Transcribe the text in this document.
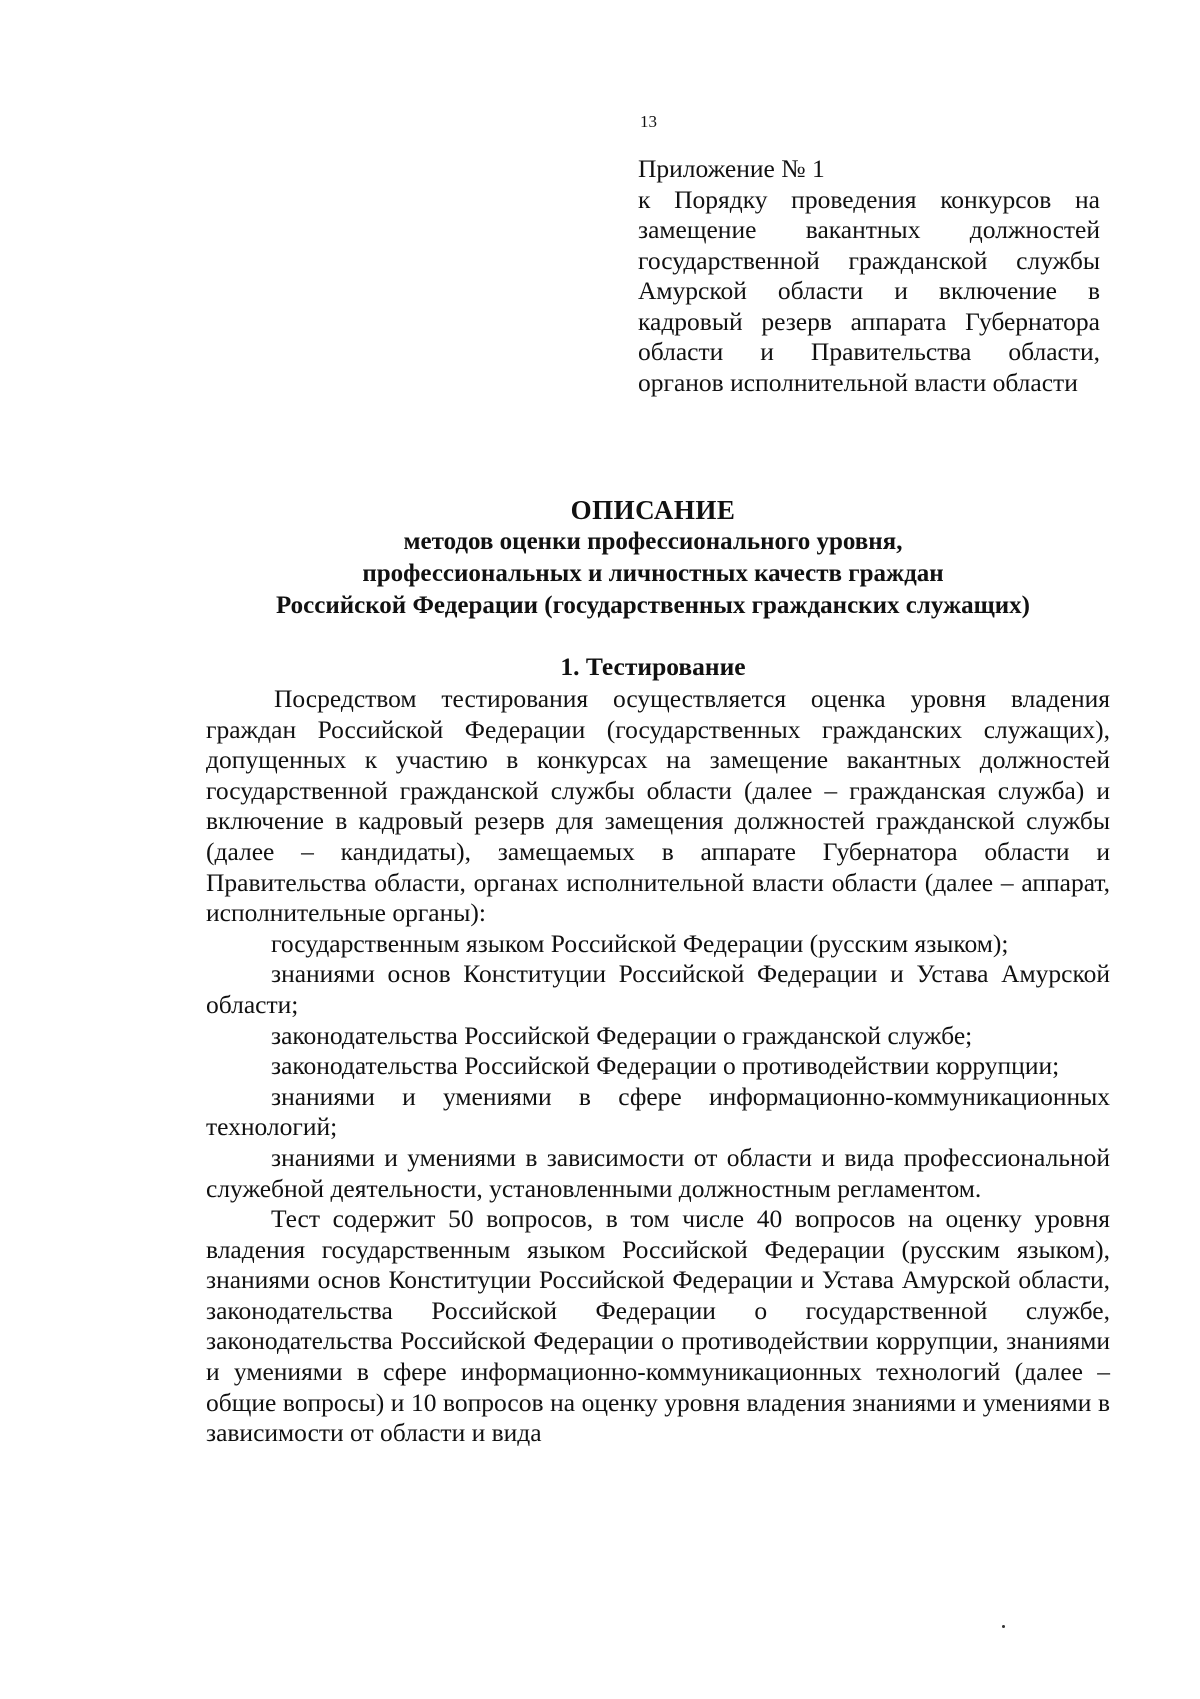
13
Приложение № 1
к Порядку проведения конкурсов на замещение вакантных должностей государственной гражданской службы Амурской области и включение в кадровый резерв аппарата Губернатора области и Правительства области, органов исполнительной власти области
ОПИСАНИЕ
методов оценки профессионального уровня,
профессиональных и личностных качеств граждан
Российской Федерации (государственных гражданских служащих)
1. Тестирование

Посредством тестирования осуществляется оценка уровня владения граждан Российской Федерации (государственных гражданских служащих), допущенных к участию в конкурсах на замещение вакантных должностей государственной гражданской службы области (далее – гражданская служба) и включение в кадровый резерв для замещения должностей гражданской службы (далее – кандидаты), замещаемых в аппарате Губернатора области и Правительства области, органах исполнительной власти области (далее – аппарат, исполнительные органы):

государственным языком Российской Федерации (русским языком);

знаниями основ Конституции Российской Федерации и Устава Амурской области;

законодательства Российской Федерации о гражданской службе;

законодательства Российской Федерации о противодействии коррупции;

знаниями и умениями в сфере информационно-коммуникационных технологий;

знаниями и умениями в зависимости от области и вида профессиональной служебной деятельности, установленными должностным регламентом.

Тест содержит 50 вопросов, в том числе 40 вопросов на оценку уровня владения государственным языком Российской Федерации (русским языком), знаниями основ Конституции Российской Федерации и Устава Амурской области, законодательства Российской Федерации о государственной службе, законодательства Российской Федерации о противодействии коррупции, знаниями и умениями в сфере информационно-коммуникационных технологий (далее – общие вопросы) и 10 вопросов на оценку уровня владения знаниями и умениями в зависимости от области и вида
